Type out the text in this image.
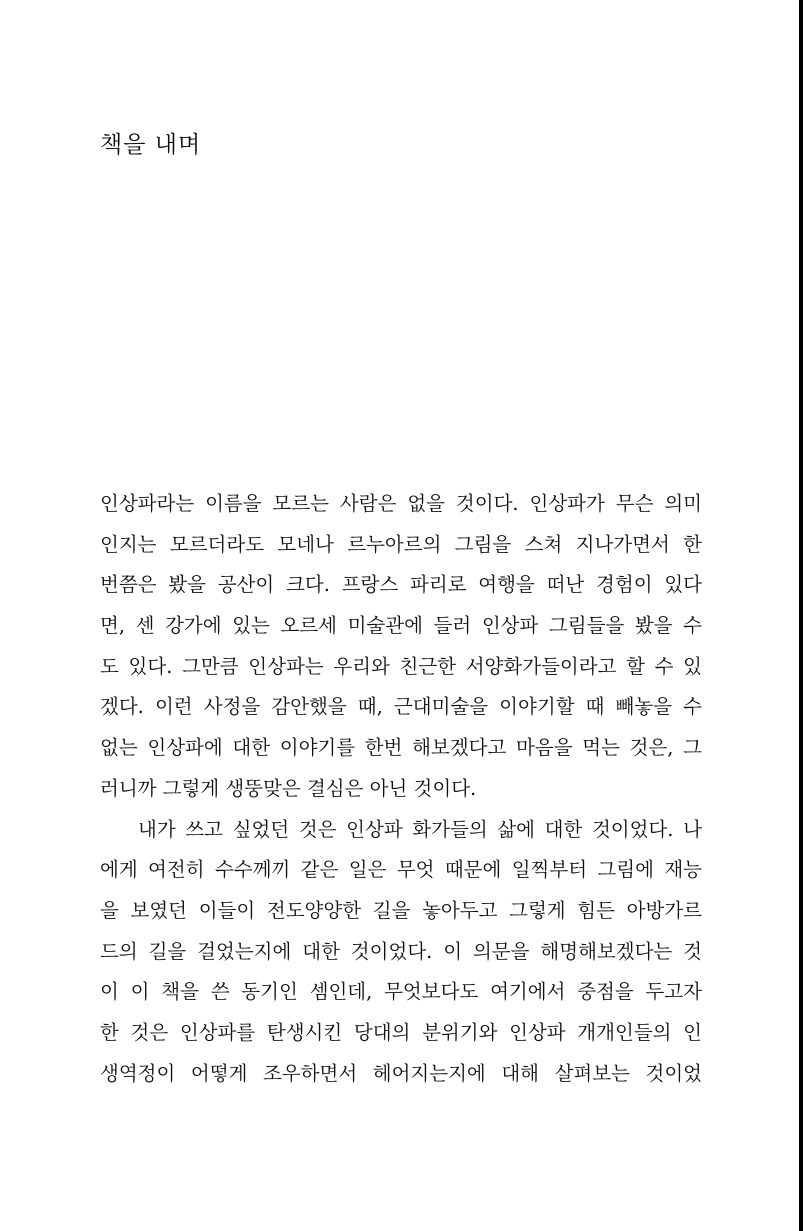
책을 내며
인상파라는 이름을 모르는 사람은 없을 것이다. 인상파가 무슨 의미
인지는 모르더라도 모네나 르누아르의 그림을 스쳐 지나가면서 한
번쯤은 봤을 공산이 크다. 프랑스 파리로 여행을 떠난 경험이 있다
면, 센 강가에 있는 오르세 미술관에 들러 인상파 그림들을 봤을 수
도 있다. 그만큼 인상파는 우리와 친근한 서양화가들이라고 할 수 있
겠다. 이런 사정을 감안했을 때, 근대미술을 이야기할 때 빼놓을 수
없는 인상파에 대한 이야기를 한번 해보겠다고 마음을 먹는 것은, 그
러니까 그렇게 생뚱맞은 결심은 아닌 것이다.
내가 쓰고 싶었던 것은 인상파 화가들의 삶에 대한 것이었다. 나
에게 여전히 수수께끼 같은 일은 무엇 때문에 일찍부터 그림에 재능
을 보였던 이들이 전도양양한 길을 놓아두고 그렇게 힘든 아방가르
드의 길을 걸었는지에 대한 것이었다. 이 의문을 해명해보겠다는 것
이 이 책을 쓴 동기인 셈인데, 무엇보다도 여기에서 중점을 두고자
한 것은 인상파를 탄생시킨 당대의 분위기와 인상파 개개인들의 인
생역정이 어떻게 조우하면서 헤어지는지에 대해 살펴보는 것이었
